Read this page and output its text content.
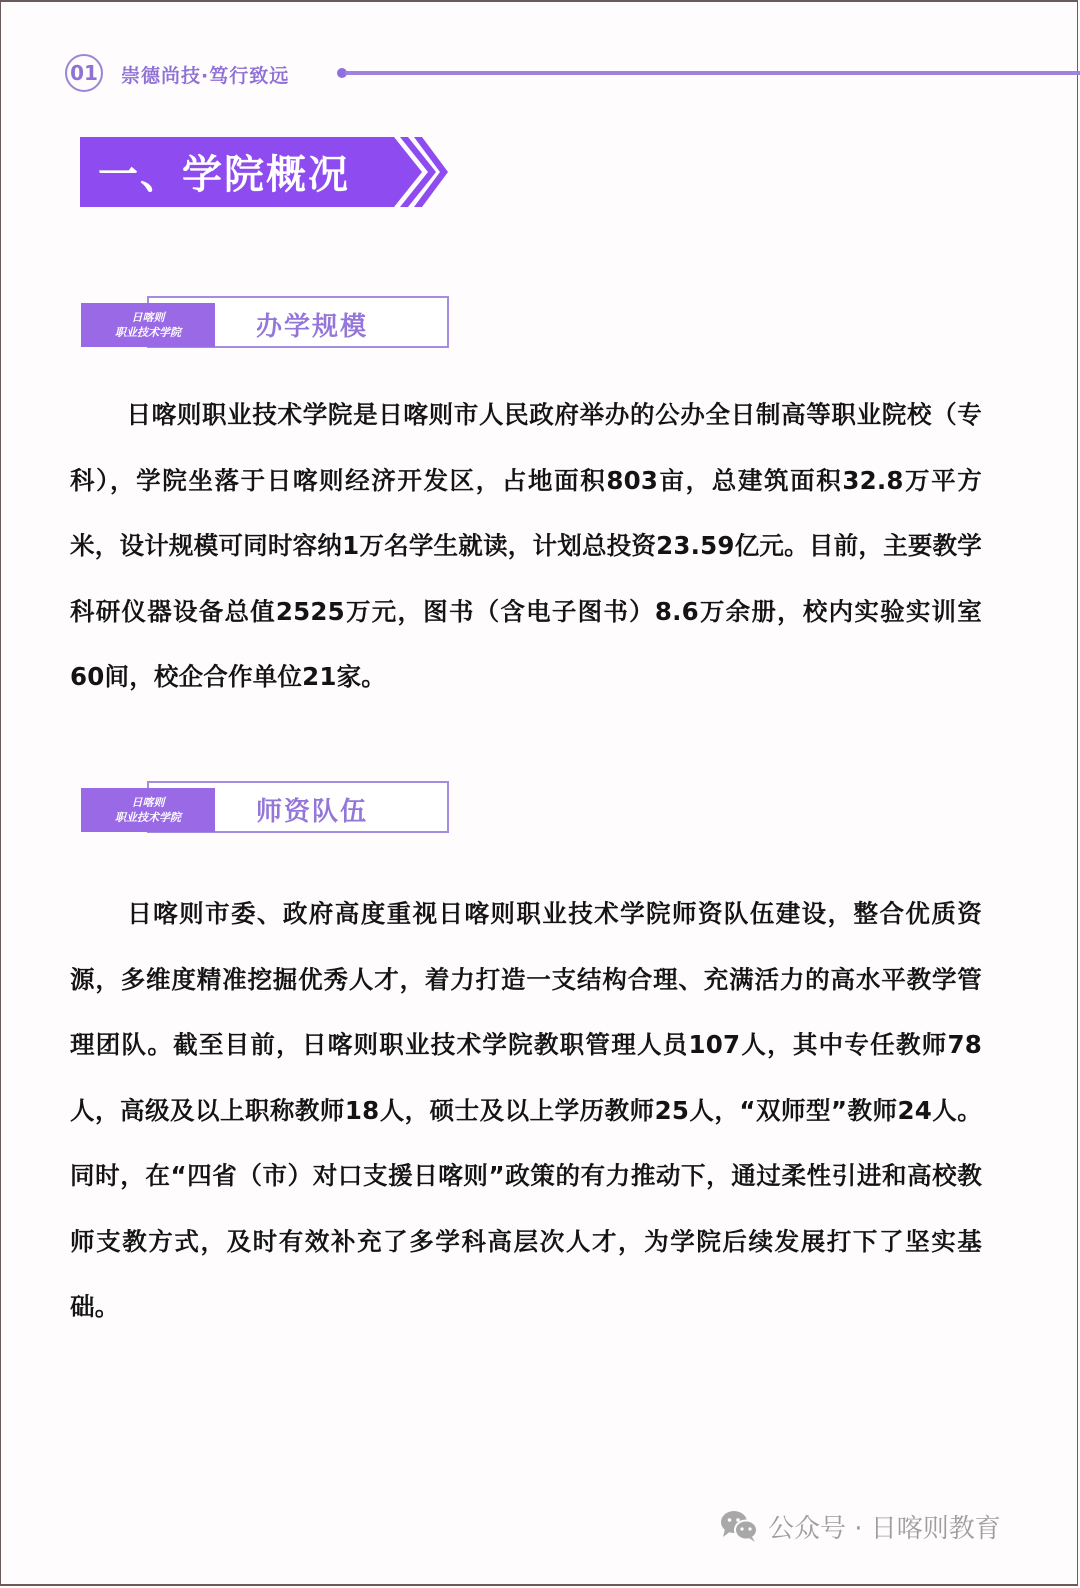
01 崇德尚技·笃行致远
一、学院概况
日喀则
职业技术学院	办学规模
日喀则职业技术学院是日喀则市人民政府举办的公办全日制高等职业院校（专科），学院坐落于日喀则经济开发区，占地面积803亩，总建筑面积32.8万平方米，设计规模可同时容纳1万名学生就读，计划总投资23.59亿元。目前，主要教学科研仪器设备总值2525万元，图书（含电子图书）8.6万余册，校内实验实训室60间，校企合作单位21家。
日喀则
职业技术学院	师资队伍
日喀则市委、政府高度重视日喀则职业技术学院师资队伍建设，整合优质资源，多维度精准挖掘优秀人才，着力打造一支结构合理、充满活力的高水平教学管理团队。截至目前，日喀则职业技术学院教职管理人员107人，其中专任教师78人，高级及以上职称教师18人，硕士及以上学历教师25人，“双师型”教师24人。同时，在“四省（市）对口支援日喀则”政策的有力推动下，通过柔性引进和高校教师支教方式，及时有效补充了多学科高层次人才，为学院后续发展打下了坚实基础。
公众号 · 日喀则教育
